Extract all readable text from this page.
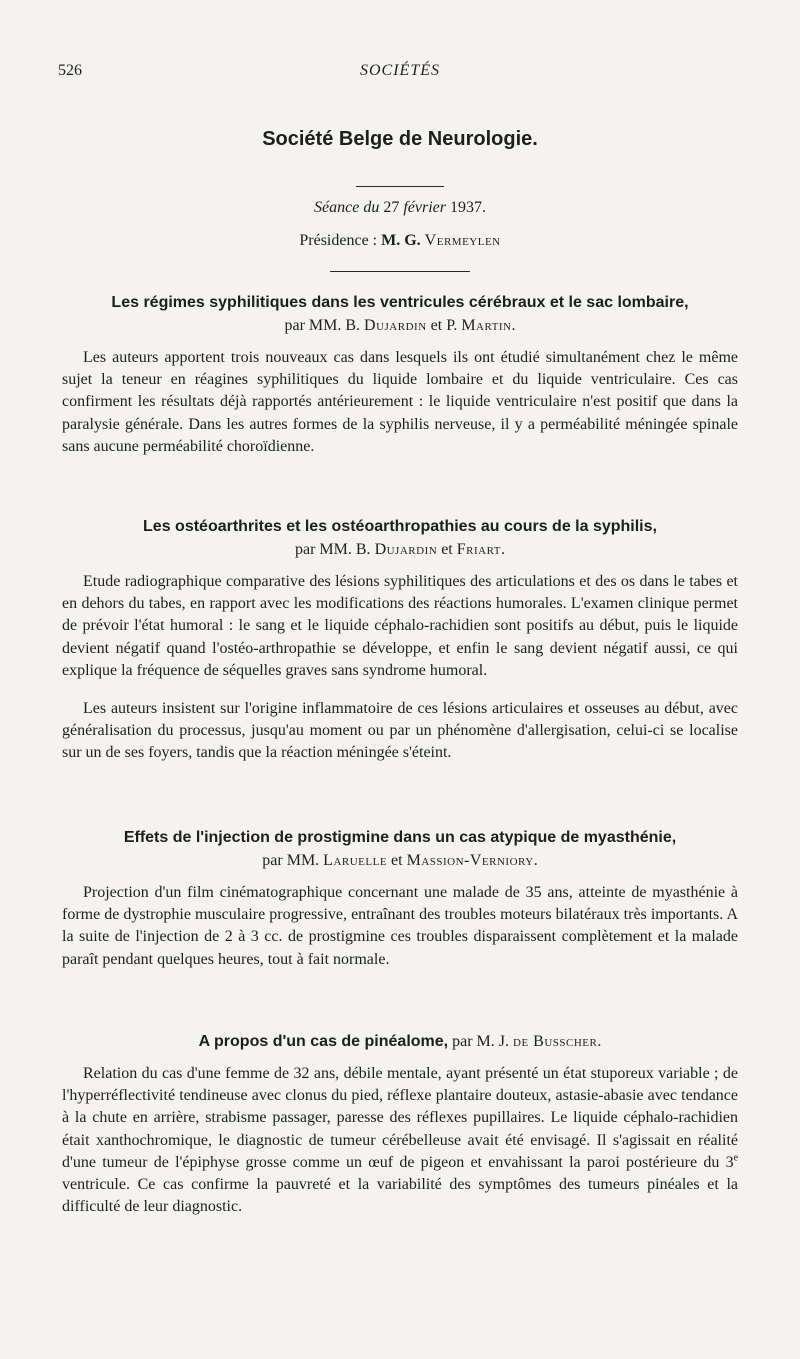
526	SOCIÉTÉS
Société Belge de Neurologie.
Séance du 27 février 1937.
Présidence : M. G. Vermeylen
Les régimes syphilitiques dans les ventricules cérébraux et le sac lombaire,
par MM. B. Dujardin et P. Martin.

Les auteurs apportent trois nouveaux cas dans lesquels ils ont étudié simultanément chez le même sujet la teneur en réagines syphilitiques du liquide lombaire et du liquide ventriculaire. Ces cas confirment les résultats déjà rapportés antérieurement : le liquide ventriculaire n'est positif que dans la paralysie générale. Dans les autres formes de la syphilis nerveuse, il y a perméabilité méningée spinale sans aucune perméabilité choroïdienne.

Les ostéoarthrites et les ostéoarthropathies au cours de la syphilis,
par MM. B. Dujardin et Friart.

Etude radiographique comparative des lésions syphilitiques des articulations et des os dans le tabes et en dehors du tabes, en rapport avec les modifications des réactions humorales. L'examen clinique permet de prévoir l'état humoral : le sang et le liquide céphalo-rachidien sont positifs au début, puis le liquide devient négatif quand l'ostéo-arthropathie se développe, et enfin le sang devient négatif aussi, ce qui explique la fréquence de séquelles graves sans syndrome humoral.

Les auteurs insistent sur l'origine inflammatoire de ces lésions articulaires et osseuses au début, avec généralisation du processus, jusqu'au moment ou par un phénomène d'allergisation, celui-ci se localise sur un de ses foyers, tandis que la réaction méningée s'éteint.

Effets de l'injection de prostigmine dans un cas atypique de myasthénie,
par MM. Laruelle et Massion-Verniory.

Projection d'un film cinématographique concernant une malade de 35 ans, atteinte de myasthénie à forme de dystrophie musculaire progressive, entraînant des troubles moteurs bilatéraux très importants. A la suite de l'injection de 2 à 3 cc. de prostigmine ces troubles disparaissent complètement et la malade paraît pendant quelques heures, tout à fait normale.

A propos d'un cas de pinéalome, par M. J. de Busscher.

Relation du cas d'une femme de 32 ans, débile mentale, ayant présenté un état stuporeux variable ; de l'hyperréflectivité tendineuse avec clonus du pied, réflexe plantaire douteux, astasie-abasie avec tendance à la chute en arrière, strabisme passager, paresse des réflexes pupillaires. Le liquide céphalo-rachidien était xanthochromique, le diagnostic de tumeur cérébelleuse avait été envisagé. Il s'agissait en réalité d'une tumeur de l'épiphyse grosse comme un œuf de pigeon et envahissant la paroi postérieure du 3e ventricule. Ce cas confirme la pauvreté et la variabilité des symptômes des tumeurs pinéales et la difficulté de leur diagnostic.
